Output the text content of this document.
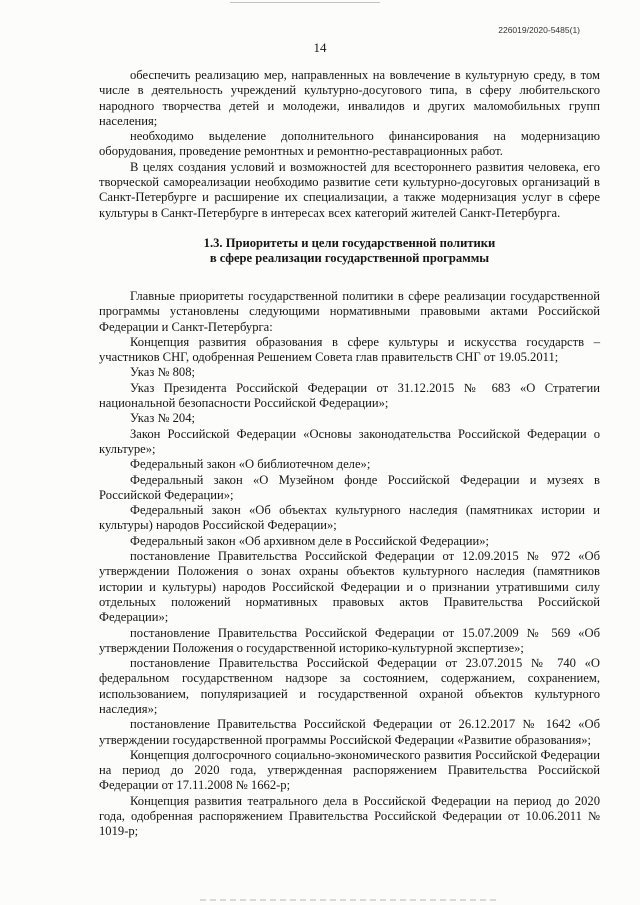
226019/2020-5485(1)
14

обеспечить реализацию мер, направленных на вовлечение в культурную среду, в том числе в деятельность учреждений культурно-досугового типа, в сферу любительского народного творчества детей и молодежи, инвалидов и других маломобильных групп населения;

необходимо выделение дополнительного финансирования на модернизацию оборудования, проведение ремонтных и ремонтно-реставрационных работ.

В целях создания условий и возможностей для всестороннего развития человека, его творческой самореализации необходимо развитие сети культурно-досуговых организаций в Санкт-Петербурге и расширение их специализации, а также модернизация услуг в сфере культуры в Санкт-Петербурге в интересах всех категорий жителей Санкт-Петербурга.

1.3. Приоритеты и цели государственной политики
в сфере реализации государственной программы

Главные приоритеты государственной политики в сфере реализации государственной программы установлены следующими нормативными правовыми актами Российской Федерации и Санкт-Петербурга:

Концепция развития образования в сфере культуры и искусства государств – участников СНГ, одобренная Решением Совета глав правительств СНГ от 19.05.2011;

Указ № 808;

Указ Президента Российской Федерации от 31.12.2015 № 683 «О Стратегии национальной безопасности Российской Федерации»;

Указ № 204;

Закон Российской Федерации «Основы законодательства Российской Федерации о культуре»;

Федеральный закон «О библиотечном деле»;

Федеральный закон «О Музейном фонде Российской Федерации и музеях в Российской Федерации»;

Федеральный закон «Об объектах культурного наследия (памятниках истории и культуры) народов Российской Федерации»;

Федеральный закон «Об архивном деле в Российской Федерации»;

постановление Правительства Российской Федерации от 12.09.2015 № 972 «Об утверждении Положения о зонах охраны объектов культурного наследия (памятников истории и культуры) народов Российской Федерации и о признании утратившими силу отдельных положений нормативных правовых актов Правительства Российской Федерации»;

постановление Правительства Российской Федерации от 15.07.2009 № 569 «Об утверждении Положения о государственной историко-культурной экспертизе»;

постановление Правительства Российской Федерации от 23.07.2015 № 740 «О федеральном государственном надзоре за состоянием, содержанием, сохранением, использованием, популяризацией и государственной охраной объектов культурного наследия»;

постановление Правительства Российской Федерации от 26.12.2017 № 1642 «Об утверждении государственной программы Российской Федерации «Развитие образования»;

Концепция долгосрочного социально-экономического развития Российской Федерации на период до 2020 года, утвержденная распоряжением Правительства Российской Федерации от 17.11.2008 № 1662-р;

Концепция развития театрального дела в Российской Федерации на период до 2020 года, одобренная распоряжением Правительства Российской Федерации от 10.06.2011 № 1019-р;
